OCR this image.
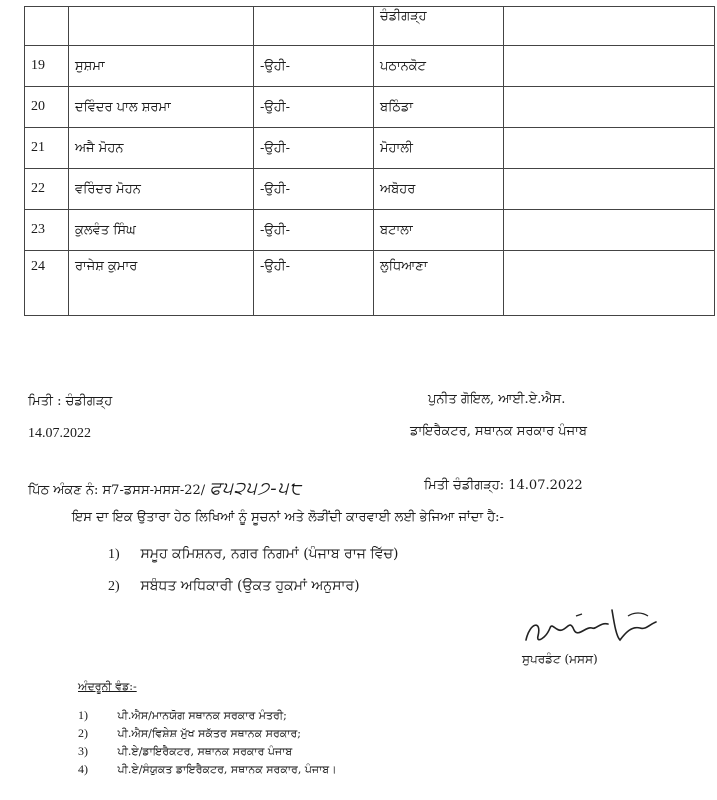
			ਚੰਡੀਗੜ੍ਹ	
19	ਸੁਸ਼ਮਾ	-ਉਹੀ-	ਪਠਾਨਕੋਟ	
20	ਦਵਿੰਦਰ ਪਾਲ ਸ਼ਰਮਾ	-ਉਹੀ-	ਬਠਿੰਡਾ	
21	ਅਜੈ ਮੋਹਨ	-ਉਹੀ-	ਮੋਹਾਲੀ	
22	ਵਰਿੰਦਰ ਮੋਹਨ	-ਉਹੀ-	ਅਬੋਹਰ	
23	ਕੁਲਵੰਤ ਸਿੰਘ	-ਉਹੀ-	ਬਟਾਲਾ	
24	ਰਾਜੇਸ਼ ਕੁਮਾਰ	-ਉਹੀ-	ਲੁਧਿਆਣਾ	
ਮਿਤੀ : ਚੰਡੀਗੜ੍ਹ
14.07.2022
ਪੁਨੀਤ ਗੋਇਲ, ਆਈ.ਏ.ਐਸ.
ਡਾਇਰੈਕਟਰ, ਸਥਾਨਕ ਸਰਕਾਰ ਪੰਜਾਬ
ਪਿੱਠ ਅੰਕਣ ਨੰ: ਸ7-ਡਸਸ-ਮਸਸ-22/ ਫ੫੨੫੭-੫੮	ਮਿਤੀ ਚੰਡੀਗੜ੍ਹ: 14.07.2022
ਇਸ ਦਾ ਇਕ ਉਤਾਰਾ ਹੇਠ ਲਿਖਿਆਂ ਨੂੰ ਸੂਚਨਾਂ ਅਤੇ ਲੋੜੀਂਦੀ ਕਾਰਵਾਈ ਲਈ ਭੇਜਿਆ ਜਾਂਦਾ ਹੈ:-
1) ਸਮੂਹ ਕਮਿਸ਼ਨਰ, ਨਗਰ ਨਿਗਮਾਂ (ਪੰਜਾਬ ਰਾਜ ਵਿੱਚ)
2) ਸਬੰਧਤ ਅਧਿਕਾਰੀ (ਉਕਤ ਹੁਕਮਾਂ ਅਨੁਸਾਰ)
ਸੁਪਰਡੰਟ (ਮਸਸ)
ਅੰਦਰੂਨੀ ਵੰਡ:-
1)	ਪੀ.ਐਸ/ਮਾਨਯੋਗ ਸਥਾਨਕ ਸਰਕਾਰ ਮੰਤਰੀ;
2)	ਪੀ.ਐਸ/ਵਿਸ਼ੇਸ਼ ਮੁੱਖ ਸਕੱਤਰ ਸਥਾਨਕ ਸਰਕਾਰ;
3)	ਪੀ.ਏ/ਡਾਇਰੈਕਟਰ, ਸਥਾਨਕ ਸਰਕਾਰ ਪੰਜਾਬ
4)	ਪੀ.ਏ/ਸੰਯੁਕਤ ਡਾਇਰੈਕਟਰ, ਸਥਾਨਕ ਸਰਕਾਰ, ਪੰਜਾਬ।
